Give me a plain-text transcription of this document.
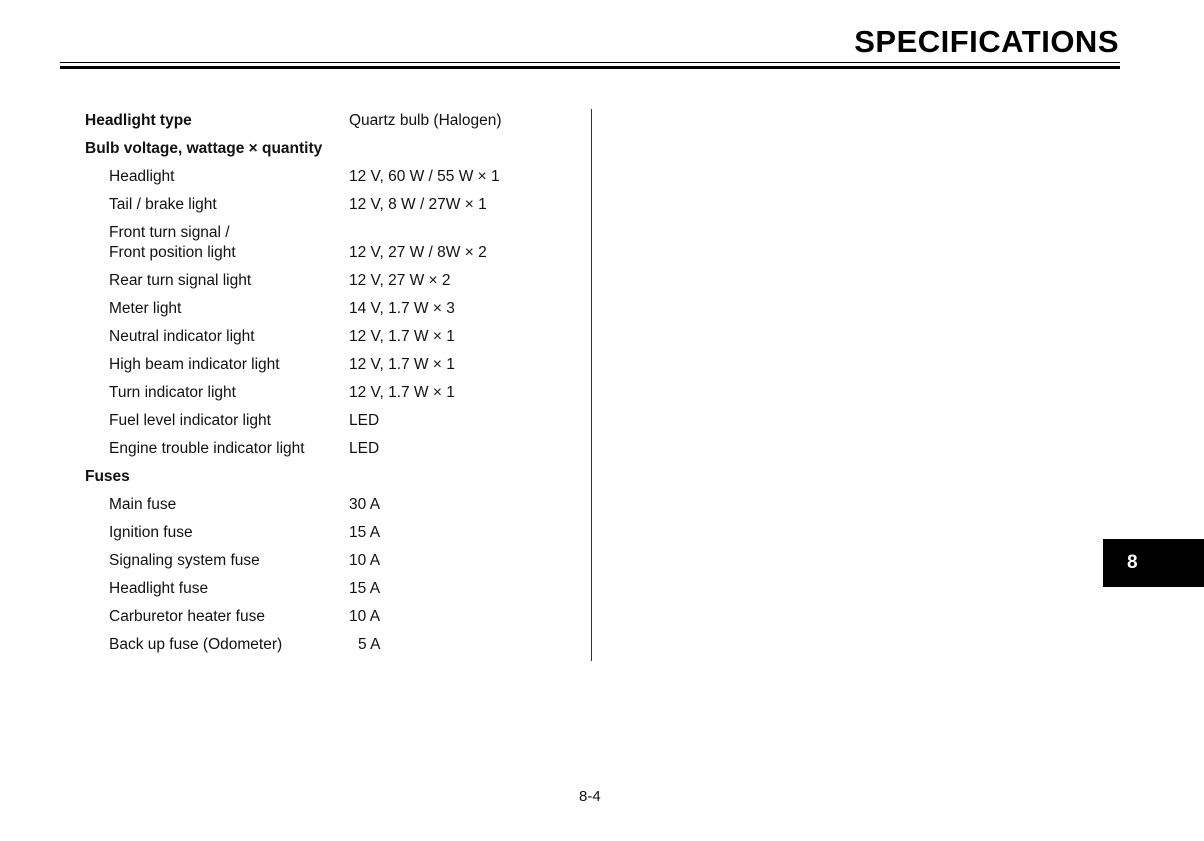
SPECIFICATIONS
Headlight type	Quartz bulb (Halogen)
Bulb voltage, wattage × quantity
Headlight	12 V, 60 W / 55 W × 1
Tail / brake light	12 V, 8 W / 27W × 1
Front turn signal /
Front position light	12 V, 27 W / 8W × 2
Rear turn signal light	12 V, 27 W × 2
Meter light	14 V, 1.7 W × 3
Neutral indicator light	12 V, 1.7 W × 1
High beam indicator light	12 V, 1.7 W × 1
Turn indicator light	12 V, 1.7 W × 1
Fuel level indicator light	LED
Engine trouble indicator light	LED
Fuses
Main fuse	30 A
Ignition fuse	15 A
Signaling system fuse	10 A
Headlight fuse	15 A
Carburetor heater fuse	10 A
Back up fuse (Odometer)	5 A
8
8-4
